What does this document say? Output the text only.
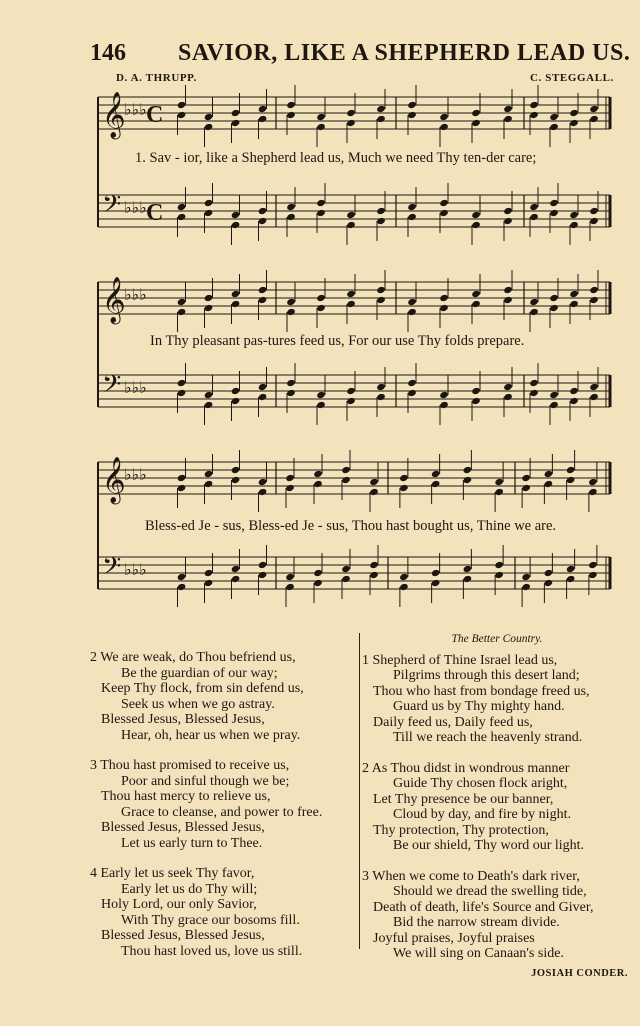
146 SAVIOR, LIKE A SHEPHERD LEAD US.
D. A. THRUPP.	C. STEGGALL.
𝄞
♭♭♭ C
𝄢 ♭♭♭ C
𝄞
♭♭♭
𝄢 ♭♭♭
𝄞
♭♭♭
𝄢 ♭♭♭
1. Sav - ior, like a Shepherd lead us, Much we need Thy ten-der care;
In Thy pleasant pas-tures feed us, For our use Thy folds prepare.
Bless-ed Je - sus, Bless-ed Je - sus, Thou hast bought us, Thine we are.
2 We are weak, do Thou befriend us,
Be the guardian of our way;
Keep Thy flock, from sin defend us,
Seek us when we go astray.
Blessed Jesus, Blessed Jesus,
Hear, oh, hear us when we pray.
3 Thou hast promised to receive us,
Poor and sinful though we be;
Thou hast mercy to relieve us,
Grace to cleanse, and power to free.
Blessed Jesus, Blessed Jesus,
Let us early turn to Thee.
4 Early let us seek Thy favor,
Early let us do Thy will;
Holy Lord, our only Savior,
With Thy grace our bosoms fill.
Blessed Jesus, Blessed Jesus,
Thou hast loved us, love us still.
The Better Country.
1 Shepherd of Thine Israel lead us,
Pilgrims through this desert land;
Thou who hast from bondage freed us,
Guard us by Thy mighty hand.
Daily feed us, Daily feed us,
Till we reach the heavenly strand.
2 As Thou didst in wondrous manner
Guide Thy chosen flock aright,
Let Thy presence be our banner,
Cloud by day, and fire by night.
Thy protection, Thy protection,
Be our shield, Thy word our light.
3 When we come to Death's dark river,
Should we dread the swelling tide,
Death of death, life's Source and Giver,
Bid the narrow stream divide.
Joyful praises, Joyful praises
We will sing on Canaan's side.
JOSIAH CONDER.
